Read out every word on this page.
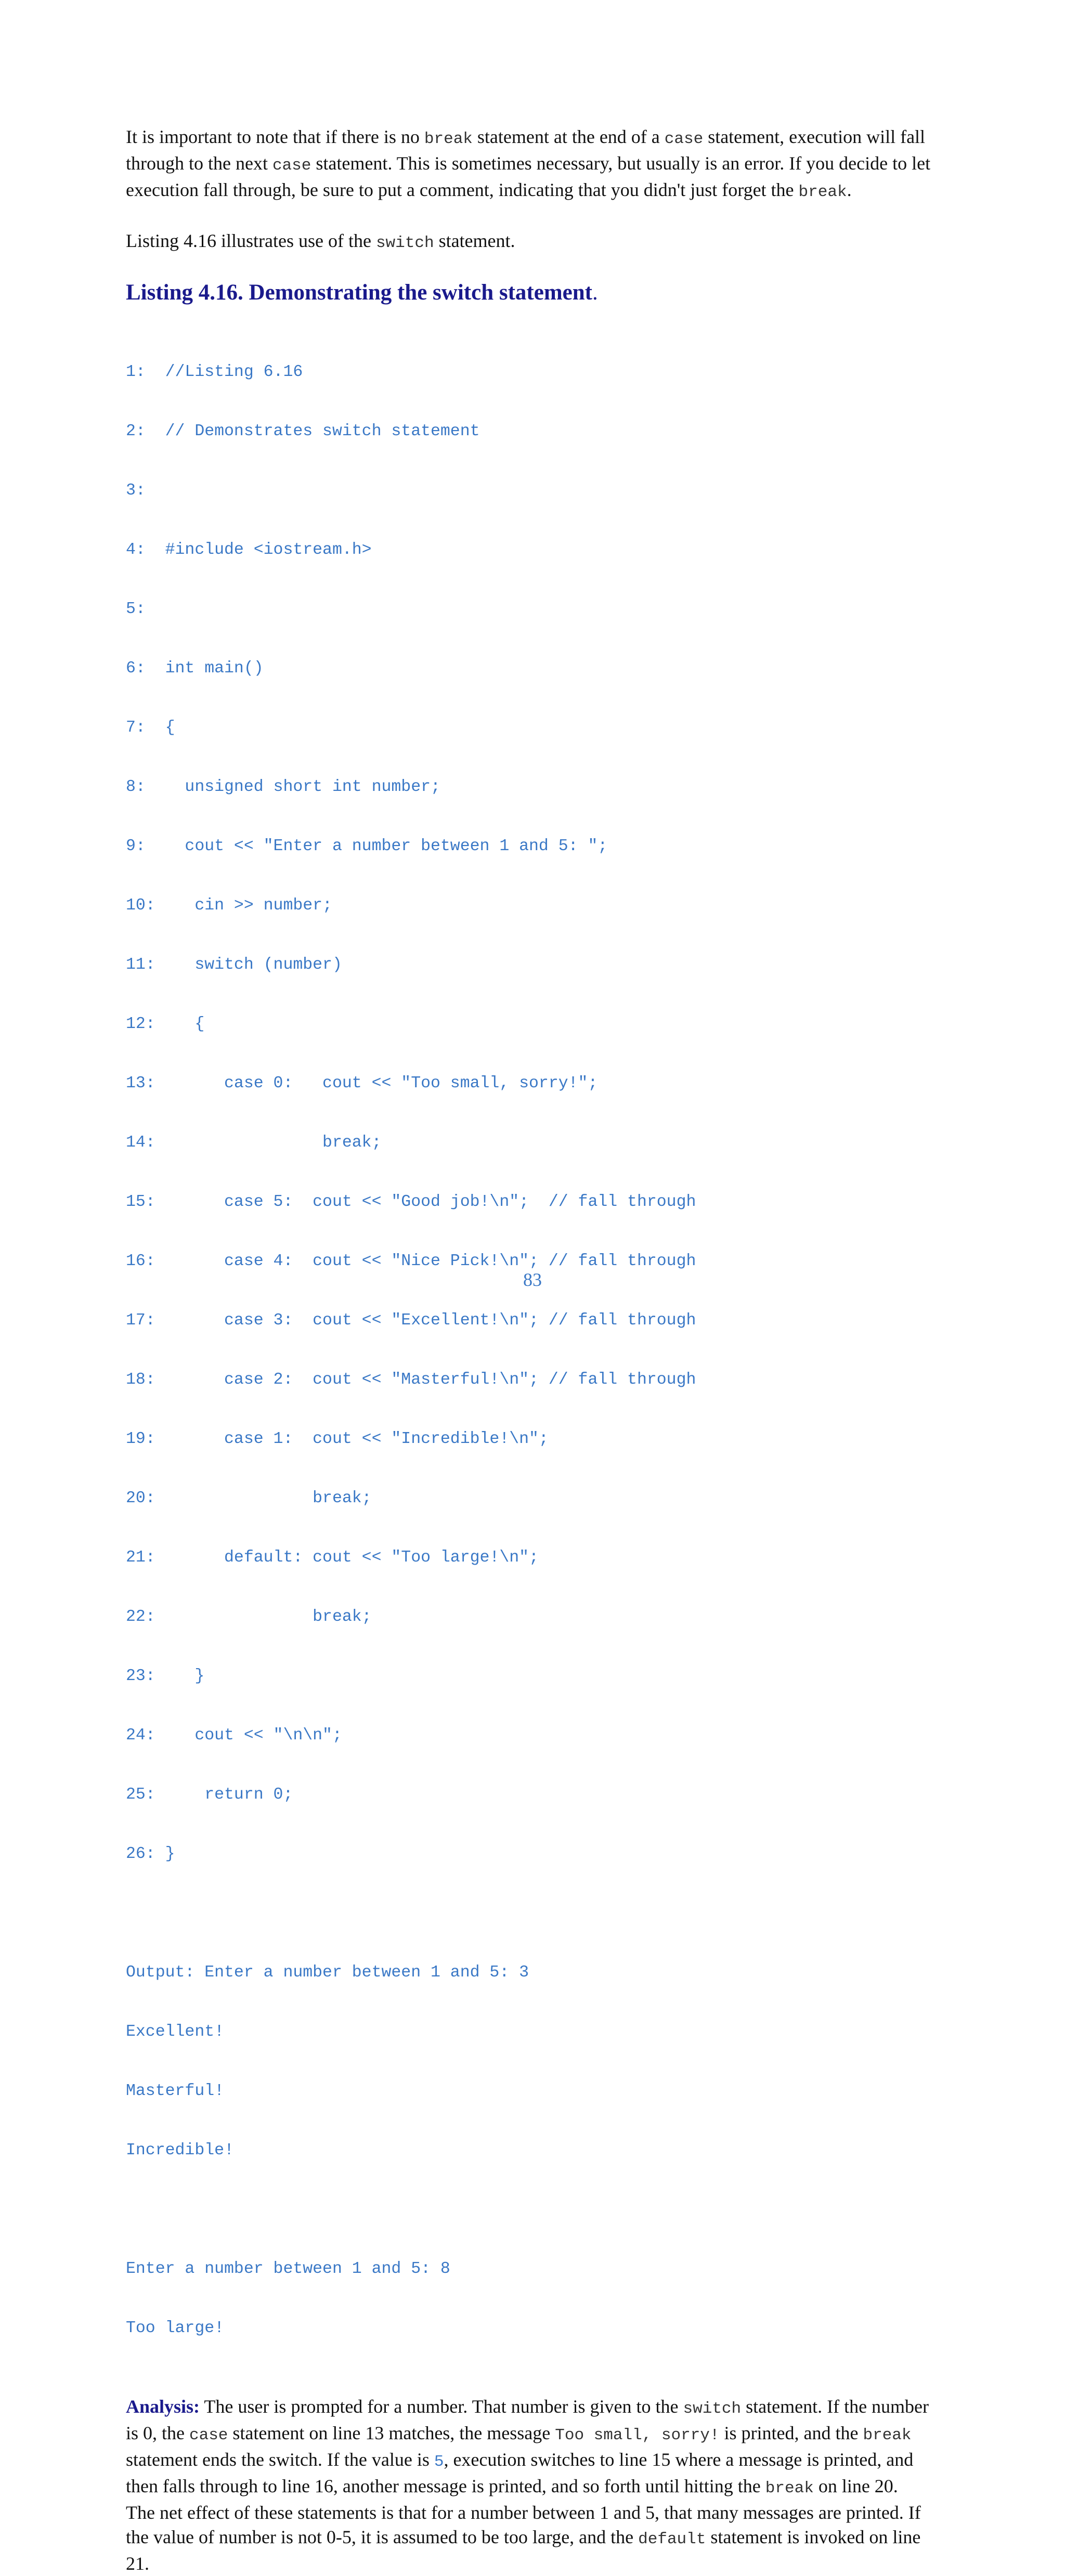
It is important to note that if there is no break statement at the end of a case statement, execution will fall through to the next case statement. This is sometimes necessary, but usually is an error. If you decide to let execution fall through, be sure to put a comment, indicating that you didn't just forget the break.

Listing 4.16 illustrates use of the switch statement.

Listing 4.16. Demonstrating the switch statement.

1:  //Listing 6.16

2:  // Demonstrates switch statement

3:

4:  #include <iostream.h>

5:

6:  int main()

7:  {

8:    unsigned short int number;

9:    cout << "Enter a number between 1 and 5: ";

10:    cin >> number;

11:    switch (number)

12:    {

13:       case 0:   cout << "Too small, sorry!";

14:                 break;

15:       case 5:  cout << "Good job!\n";  // fall through

16:       case 4:  cout << "Nice Pick!\n"; // fall through

17:       case 3:  cout << "Excellent!\n"; // fall through

18:       case 2:  cout << "Masterful!\n"; // fall through

19:       case 1:  cout << "Incredible!\n";

20:                break;

21:       default: cout << "Too large!\n";

22:                break;

23:    }

24:    cout << "\n\n";

25:     return 0;

26: }

Output: Enter a number between 1 and 5: 3

Excellent!

Masterful!

Incredible!

Enter a number between 1 and 5: 8

Too large!

Analysis: The user is prompted for a number. That number is given to the switch statement. If the number is 0, the case statement on line 13 matches, the message Too small, sorry! is printed, and the break statement ends the switch. If the value is 5, execution switches to line 15 where a message is printed, and then falls through to line 16, another message is printed, and so forth until hitting the break on line 20.

The net effect of these statements is that for a number between 1 and 5, that many messages are printed. If the value of number is not 0-5, it is assumed to be too large, and the default statement is invoked on line 21.

83
